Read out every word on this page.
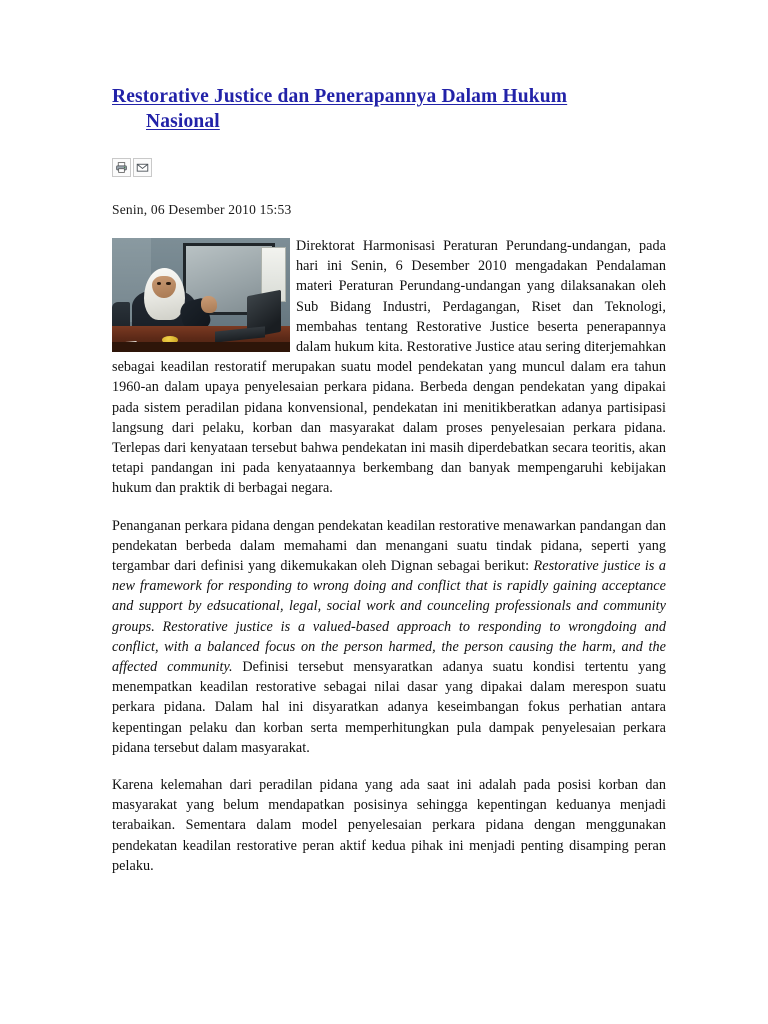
Restorative Justice dan Penerapannya Dalam Hukum
Nasional
Senin, 06 Desember 2010 15:53

Direktorat Harmonisasi Peraturan Perundang-undangan, pada hari ini Senin, 6 Desember 2010 mengadakan Pendalaman materi Peraturan Perundang-undangan yang dilaksanakan oleh Sub Bidang Industri, Perdagangan, Riset dan Teknologi, membahas tentang Restorative Justice beserta penerapannya dalam hukum kita. Restorative Justice atau sering diterjemahkan sebagai keadilan restoratif merupakan suatu model pendekatan yang muncul dalam era tahun 1960-an dalam upaya penyelesaian perkara pidana. Berbeda dengan pendekatan yang dipakai pada sistem peradilan pidana konvensional, pendekatan ini menitikberatkan adanya partisipasi langsung dari pelaku, korban dan masyarakat dalam proses penyelesaian perkara pidana. Terlepas dari kenyataan tersebut bahwa pendekatan ini masih diperdebatkan secara teoritis, akan tetapi pandangan ini pada kenyataannya berkembang dan banyak mempengaruhi kebijakan hukum dan praktik di berbagai negara.

Penanganan perkara pidana dengan pendekatan keadilan restorative menawarkan pandangan dan pendekatan berbeda dalam memahami dan menangani suatu tindak pidana, seperti yang tergambar dari definisi yang dikemukakan oleh Dignan sebagai berikut: Restorative justice is a new framework for responding to wrong doing and conflict that is rapidly gaining acceptance and support by edsucational, legal, social work and counceling professionals and community groups. Restorative justice is a valued-based approach to responding to wrongdoing and conflict, with a balanced focus on the person harmed, the person causing the harm, and the affected community. Definisi tersebut mensyaratkan adanya suatu kondisi tertentu yang menempatkan keadilan restorative sebagai nilai dasar yang dipakai dalam merespon suatu perkara pidana. Dalam hal ini disyaratkan adanya keseimbangan fokus perhatian antara kepentingan pelaku dan korban serta memperhitungkan pula dampak penyelesaian perkara pidana tersebut dalam masyarakat.

Karena kelemahan dari peradilan pidana yang ada saat ini adalah pada posisi korban dan masyarakat yang belum mendapatkan posisinya sehingga kepentingan keduanya menjadi terabaikan. Sementara dalam model penyelesaian perkara pidana dengan menggunakan pendekatan keadilan restorative peran aktif kedua pihak ini menjadi penting disamping peran pelaku.
